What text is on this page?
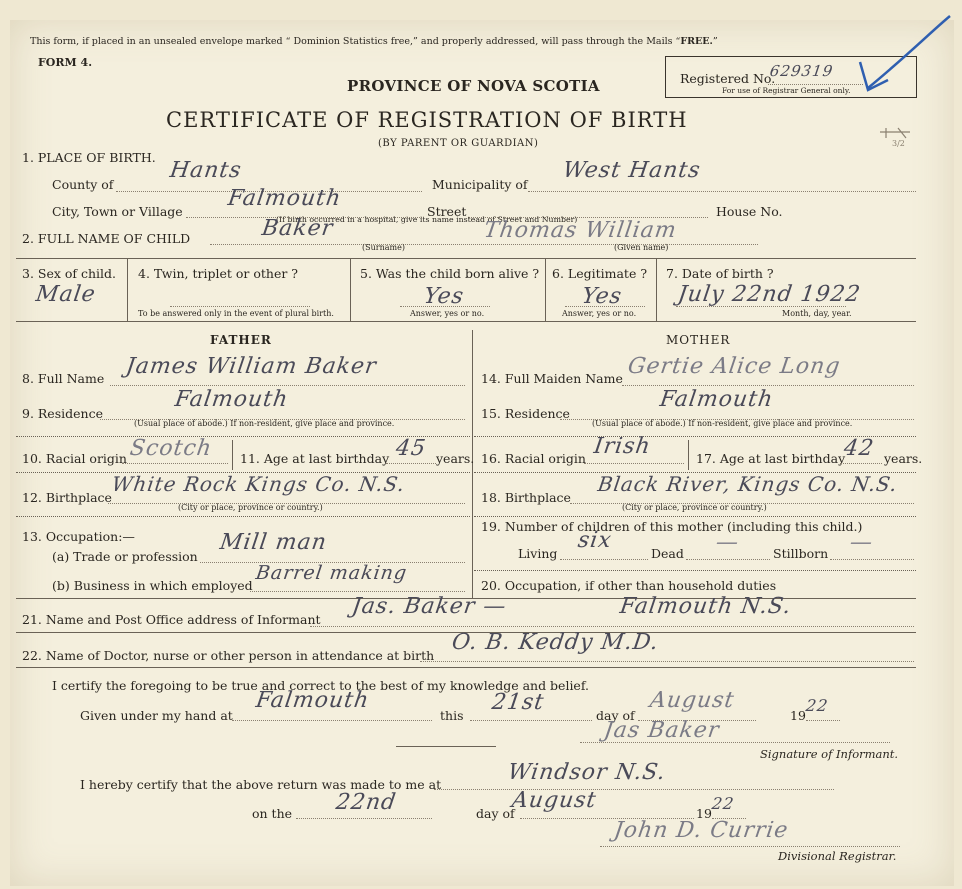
This form, if placed in an unsealed envelope marked “ Dominion Statistics free,” and properly addressed, will pass through the Mails “FREE.”
FORM 4.
PROVINCE OF NOVA SCOTIA
CERTIFICATE OF REGISTRATION OF BIRTH
(BY PARENT OR GUARDIAN)
Registered No.
629319
For use of Registrar General only.
3/2
1. PLACE OF BIRTH.
County of
Hants
Municipality of
West Hants
City, Town or Village
Falmouth
Street	House No.
(If birth occurred in a hospital, give its name instead of Street and Number)
2. FULL NAME OF CHILD	Baker	Thomas William
(Surname)	(Given name)
3. Sex of child.
Male
4. Twin, triplet or other ?
To be answered only in the event of plural birth.
5. Was the child born alive ?
Yes
Answer, yes or no.
6. Legitimate ?
Yes
Answer, yes or no.
7. Date of birth ?
July 22nd 1922
Month, day, year.
FATHER	MOTHER
8. Full Name James William Baker
9. Residence
Falmouth
(Usual place of abode.) If non-resident, give place and province.
10. Racial origin Scotch 11. Age at last birthday 45 years.
12. Birthplace
White Rock Kings Co. N.S.
(City or place, province or country.)
13. Occupation:—
(a) Trade or profession
Mill man
(b) Business in which employed
Barrel making
14. Full Maiden Name Gertie Alice Long
15. Residence
Falmouth
(Usual place of abode.) If non-resident, give place and province.
16. Racial origin Irish	17. Age at last birthday
42 years.
18. Birthplace
Black River, Kings Co. N.S.
(City or place, province or country.)
19. Number of children of this mother (including this child.)
Living
six
Dead —	Stillborn —
20. Occupation, if other than household duties
21. Name and Post Office address of Informant
Jas. Baker —	Falmouth N.S.
22. Name of Doctor, nurse or other person in attendance at birth
O. B. Keddy M.D.
I certify the foregoing to be true and correct to the best of my knowledge and belief.
Given under my hand at
Falmouth
this
21st
day of
August
19
22
Jas Baker
Signature of Informant.
I hereby certify that the above return was made to me at	Windsor N.S.
on the 22nd	day of
August
19
22
John D. Currie
Divisional Registrar.
